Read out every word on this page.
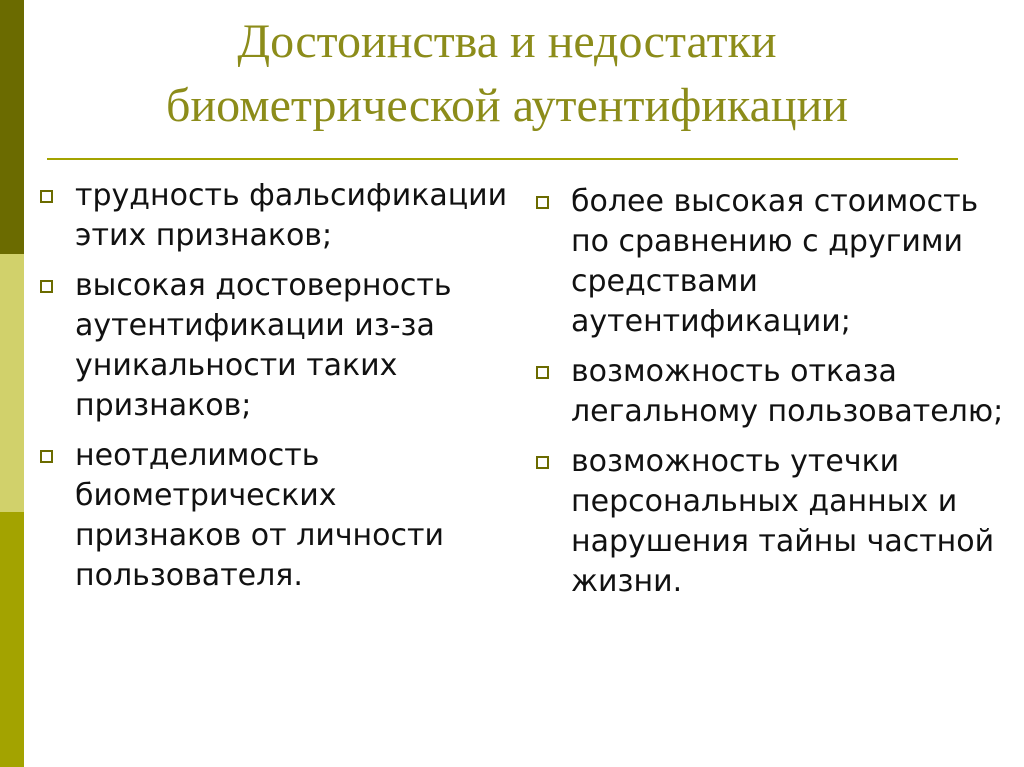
Достоинства и недостатки
биометрической аутентификации
трудность фальсификации этих признаков;
высокая достоверность аутентификации из-за уникальности таких признаков;
неотделимость биометрических признаков от личности пользователя.
более высокая стоимость по сравнению с другими средствами аутентификации;
возможность отказа легальному пользователю;
возможность утечки персональных данных и нарушения тайны частной жизни.
